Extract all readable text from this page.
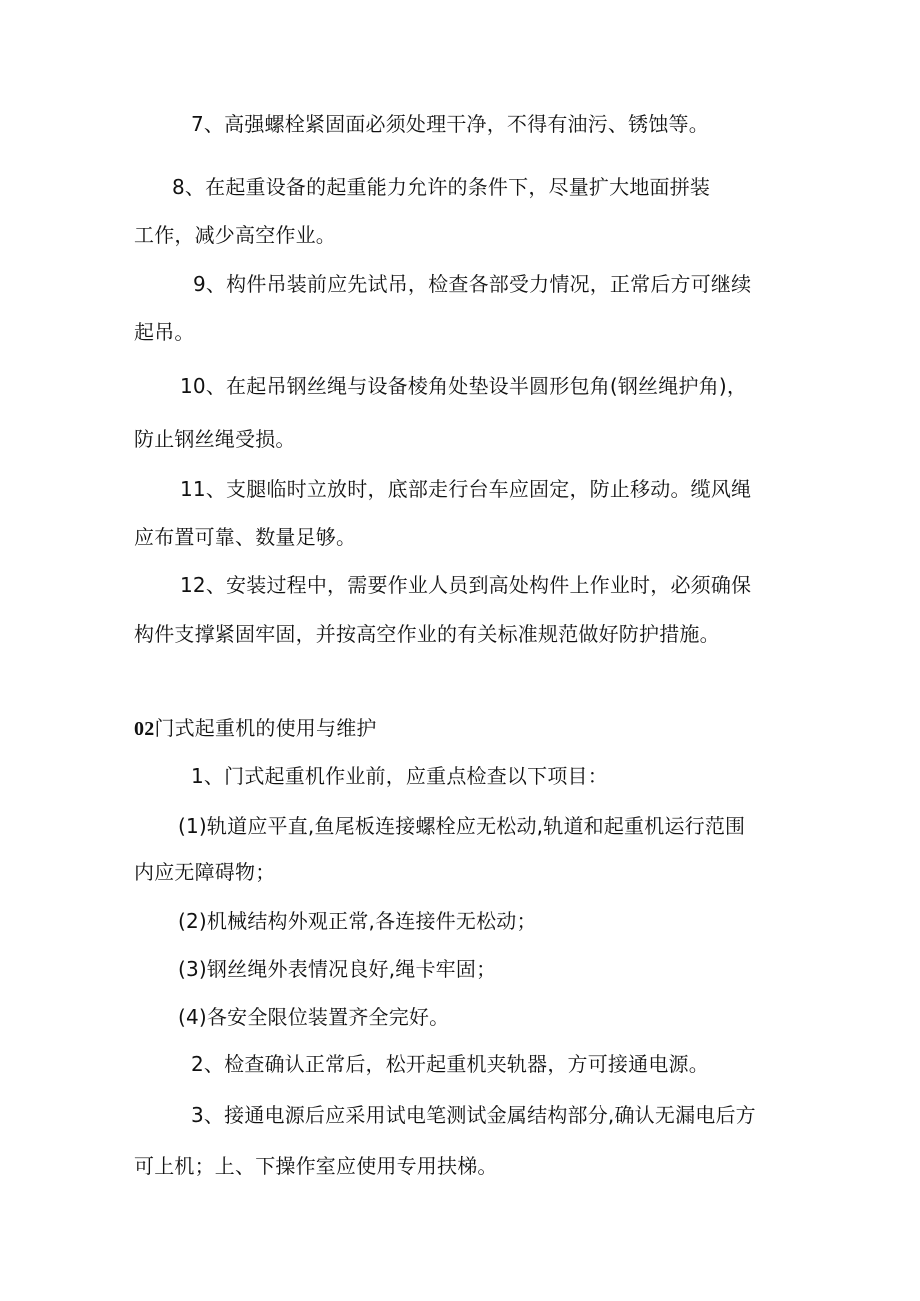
7、高强螺栓紧固面必须处理干净，不得有油污、锈蚀等。
8、在起重设备的起重能力允许的条件下，尽量扩大地面拼装
工作，减少高空作业。
9、构件吊装前应先试吊，检查各部受力情况，正常后方可继续
起吊。
10、在起吊钢丝绳与设备棱角处垫设半圆形包角(钢丝绳护角)，
防止钢丝绳受损。
11、支腿临时立放时，底部走行台车应固定，防止移动。缆风绳
应布置可靠、数量足够。
12、安装过程中，需要作业人员到高处构件上作业时，必须确保
构件支撑紧固牢固，并按高空作业的有关标准规范做好防护措施。
02门式起重机的使用与维护
1、门式起重机作业前，应重点检查以下项目：
(1)轨道应平直,鱼尾板连接螺栓应无松动,轨道和起重机运行范围
内应无障碍物；
(2)机械结构外观正常,各连接件无松动；
(3)钢丝绳外表情况良好,绳卡牢固；
(4)各安全限位装置齐全完好。
2、检查确认正常后，松开起重机夹轨器，方可接通电源。
3、接通电源后应采用试电笔测试金属结构部分,确认无漏电后方
可上机；上、下操作室应使用专用扶梯。
